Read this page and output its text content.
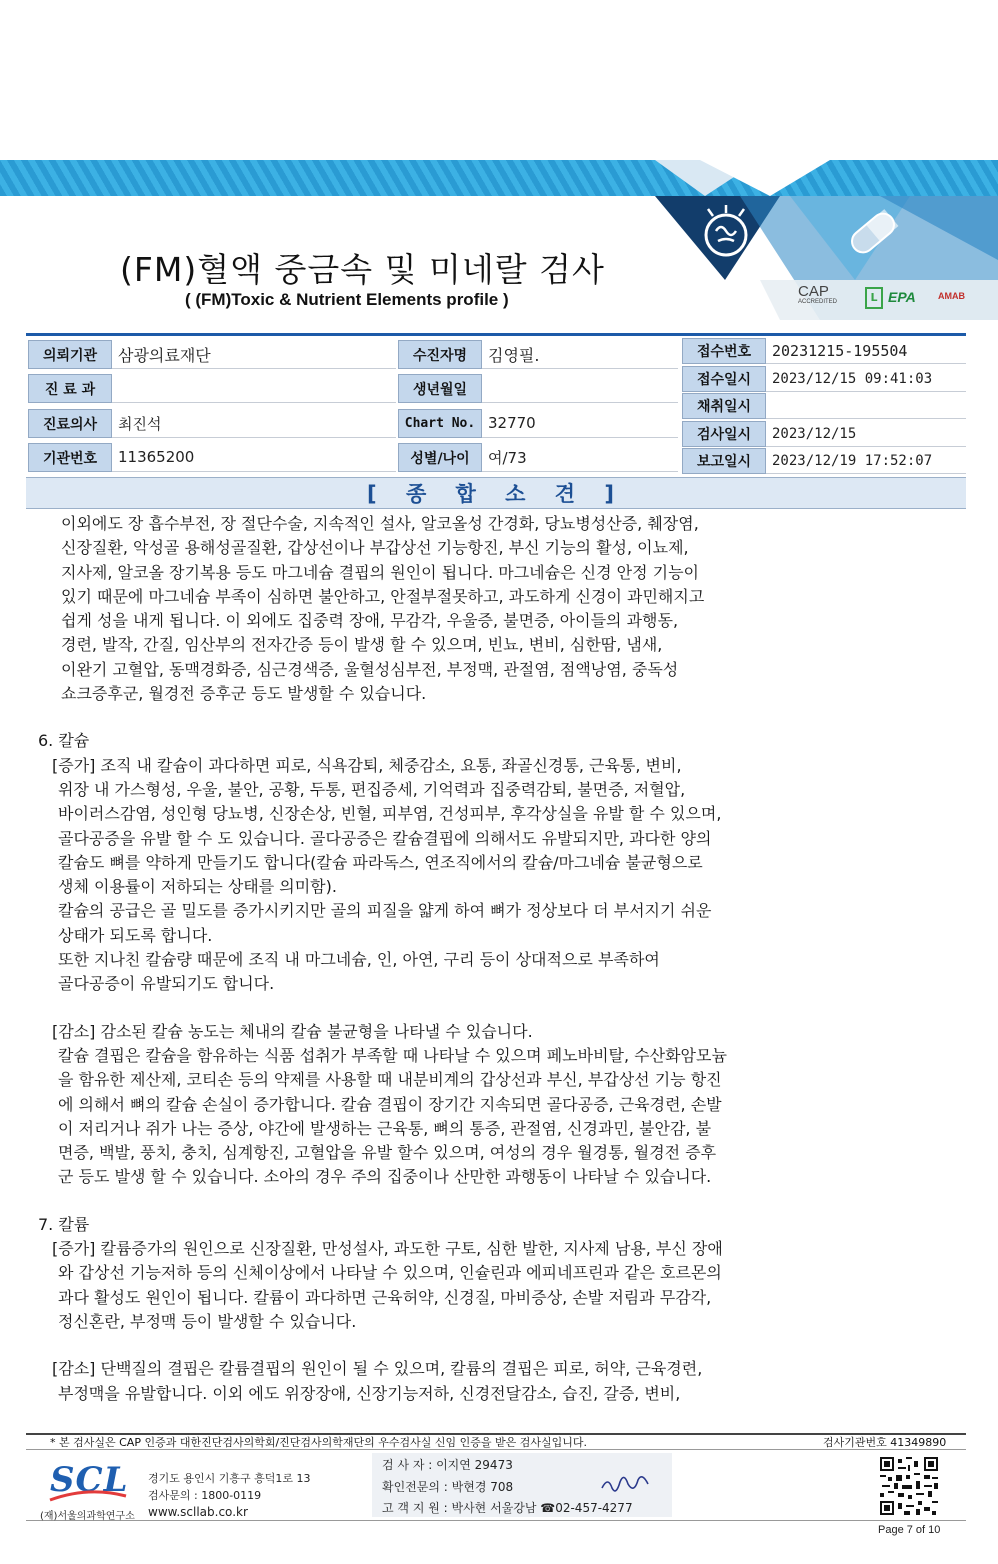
CAP
ACCREDITED	L EPA AMAB
(FM)혈액 중금속 및 미네랄 검사
( (FM)Toxic & Nutrient Elements profile )
의뢰기관	삼광의료재단
진 료 과
진료의사	최진석
기관번호	11365200
수진자명	김영필.
생년월일
Chart No. 32770
성별/나이	여/73
접수번호	20231215-195504
접수일시	2023/12/15 09:41:03
채취일시
검사일시	2023/12/15
보고일시	2023/12/19 17:52:07
[ 종 합 소 견 ]

이외에도 장 흡수부전, 장 절단수술, 지속적인 설사, 알코올성 간경화, 당뇨병성산증, 췌장염,

신장질환, 악성골 용해성골질환, 갑상선이나 부갑상선 기능항진, 부신 기능의 활성, 이뇨제,

지사제, 알코올 장기복용 등도 마그네슘 결핍의 원인이 됩니다. 마그네슘은 신경 안정 기능이

있기 때문에 마그네슘 부족이 심하면 불안하고, 안절부절못하고, 과도하게 신경이 과민해지고

쉽게 성을 내게 됩니다. 이 외에도 집중력 장애, 무감각, 우울증, 불면증, 아이들의 과행동,

경련, 발작, 간질, 임산부의 전자간증 등이 발생 할 수 있으며, 빈뇨, 변비, 심한땀, 냄새,

이완기 고혈압, 동맥경화증, 심근경색증, 울혈성심부전, 부정맥, 관절염, 점액낭염, 중독성

쇼크증후군, 월경전 증후군 등도 발생할 수 있습니다.

6. 칼슘

[증가] 조직 내 칼슘이 과다하면 피로, 식욕감퇴, 체중감소, 요통, 좌골신경통, 근육통, 변비,

위장 내 가스형성, 우울, 불안, 공황, 두통, 편집증세, 기억력과 집중력감퇴, 불면증, 저혈압,

바이러스감염, 성인형 당뇨병, 신장손상, 빈혈, 피부염, 건성피부, 후각상실을 유발 할 수 있으며,

골다공증을 유발 할 수 도 있습니다. 골다공증은 칼슘결핍에 의해서도 유발되지만, 과다한 양의

칼슘도 뼈를 약하게 만들기도 합니다(칼슘 파라독스, 연조직에서의 칼슘/마그네슘 불균형으로

생체 이용률이 저하되는 상태를 의미함).

칼슘의 공급은 골 밀도를 증가시키지만 골의 피질을 얇게 하여 뼈가 정상보다 더 부서지기 쉬운

상태가 되도록 합니다.

또한 지나친 칼슘량 때문에 조직 내 마그네슘, 인, 아연, 구리 등이 상대적으로 부족하여

골다공증이 유발되기도 합니다.

[감소] 감소된 칼슘 농도는 체내의 칼슘 불균형을 나타낼 수 있습니다.

칼슘 결핍은 칼슘을 함유하는 식품 섭취가 부족할 때 나타날 수 있으며 페노바비탈, 수산화암모늄

을 함유한 제산제, 코티손 등의 약제를 사용할 때 내분비계의 갑상선과 부신, 부갑상선 기능 항진

에 의해서 뼈의 칼슘 손실이 증가합니다. 칼슘 결핍이 장기간 지속되면 골다공증, 근육경련, 손발

이 저리거나 쥐가 나는 증상, 야간에 발생하는 근육통, 뼈의 통증, 관절염, 신경과민, 불안감, 불

면증, 백발, 풍치, 충치, 심계항진, 고혈압을 유발 할수 있으며, 여성의 경우 월경통, 월경전 증후

군 등도 발생 할 수 있습니다. 소아의 경우 주의 집중이나 산만한 과행동이 나타날 수 있습니다.

7. 칼륨

[증가] 칼륨증가의 원인으로 신장질환, 만성설사, 과도한 구토, 심한 발한, 지사제 남용, 부신 장애

와 갑상선 기능저하 등의 신체이상에서 나타날 수 있으며, 인슐린과 에피네프린과 같은 호르몬의

과다 활성도 원인이 됩니다. 칼륨이 과다하면 근육허약, 신경질, 마비증상, 손발 저림과 무감각,

정신혼란, 부정맥 등이 발생할 수 있습니다.

[감소] 단백질의 결핍은 칼륨결핍의 원인이 될 수 있으며, 칼륨의 결핍은 피로, 허약, 근육경련,

부정맥을 유발합니다. 이외 에도 위장장애, 신장기능저하, 신경전달감소, 습진, 갈증, 변비,

* 본 검사실은 CAP 인증과 대한진단검사의학회/진단검사의학재단의 우수검사실 신임 인증을 받은 검사실입니다.	검사기관번호 41349890
SCL
(재)서울의과학연구소
경기도 용인시 기흥구 흥덕1로 13
검사문의 : 1800-0119
www.scllab.co.kr
검 사 자 : 이지연 29473
확인전문의 : 박현경 708
고 객 지 원 : 박사현 서울강남 ☎02-457-4277
Page 7 of 10
